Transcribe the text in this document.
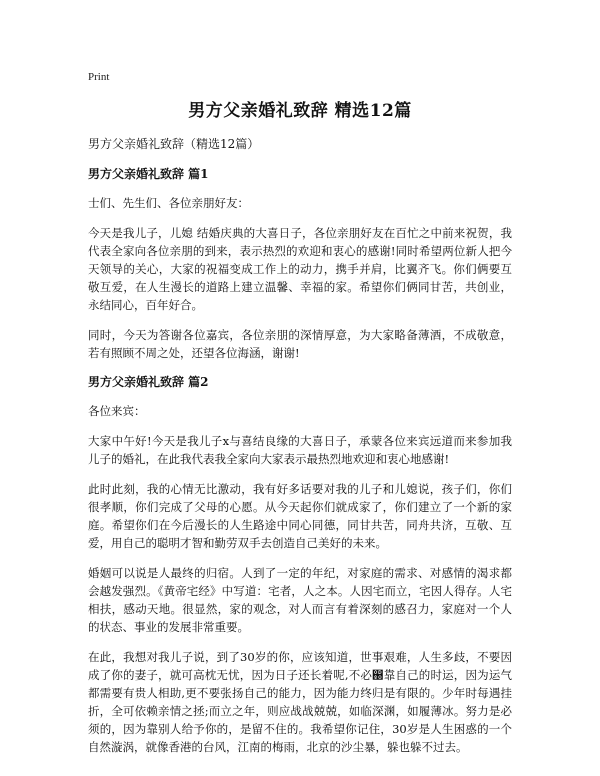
Print
男方父亲婚礼致辞 精选12篇
男方父亲婚礼致辞（精选12篇）
男方父亲婚礼致辞 篇1

士们、先生们、各位亲朋好友：

今天是我儿子，儿媳 结婚庆典的大喜日子，各位亲朋好友在百忙之中前来祝贺，我代表全家向各位亲朋的到来，表示热烈的欢迎和衷心的感谢!同时希望两位新人把今天领导的关心，大家的祝福变成工作上的动力，携手并肩，比翼齐飞。你们俩要互敬互爱，在人生漫长的道路上建立温馨、幸福的家。希望你们俩同甘苦，共创业，永结同心，百年好合。

同时，今天为答谢各位嘉宾，各位亲朋的深情厚意，为大家略备薄酒，不成敬意，若有照顾不周之处，还望各位海涵，谢谢!

男方父亲婚礼致辞 篇2

各位来宾：

大家中午好!今天是我儿子x与喜结良缘的大喜日子，承蒙各位来宾远道而来参加我儿子的婚礼，在此我代表我全家向大家表示最热烈地欢迎和衷心地感谢!

此时此刻，我的心情无比激动，我有好多话要对我的儿子和儿媳说，孩子们，你们很孝顺，你们完成了父母的心愿。从今天起你们就成家了，你们建立了一个新的家庭。希望你们在今后漫长的人生路途中同心同德，同甘共苦，同舟共济，互敬、互爱，用自己的聪明才智和勤劳双手去创造自己美好的未来。

婚姻可以说是人最终的归宿。人到了一定的年纪，对家庭的需求、对感情的渴求都会越发强烈。《黄帝宅经》中写道：宅者，人之本。人因宅而立，宅因人得存。人宅相扶，感动天地。很显然，家的观念，对人而言有着深刻的感召力，家庭对一个人的状态、事业的发展非常重要。

在此，我想对我儿子说，到了30岁的你，应该知道，世事艰难，人生多歧，不要因成了你的妻子，就可高枕无忧，因为日子还长着呢,不必඀靠自己的时运，因为运气都需要有贵人相助,更不要张扬自己的能力，因为能力终归是有限的。少年时每遇挂折，全可依赖亲情之拯;而立之年，则应战战兢兢，如临深渊，如履薄冰。努力是必须的，因为靠别人给予你的，是留不住的。我希望你记住，30岁是人生困惑的一个自然漩涡，就像香港的台风，江南的梅雨，北京的沙尘暴，躲也躲不过去。
